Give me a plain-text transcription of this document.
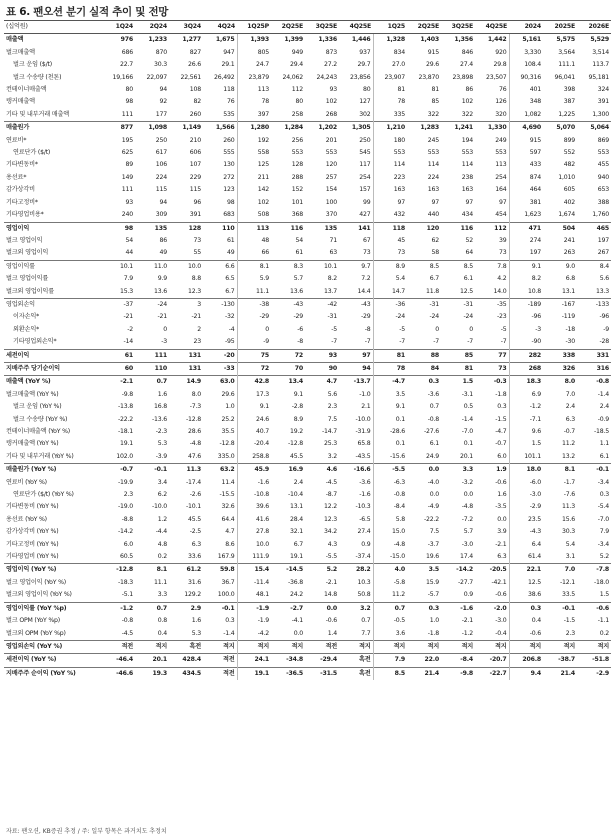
표 6. 팬오션 분기 실적 추이 및 전망
(십억원)	1Q24	2Q24	3Q24	4Q24	1Q25P	2Q25E	3Q25E	4Q25E	1Q25	2Q25E	3Q25E	4Q25E	2024	2025E	2026E
매출액	976	1,233	1,277	1,675	1,393	1,399	1,336	1,446	1,328	1,403	1,356	1,442	5,161	5,575	5,529
벌크매출액	686	870	827	947	805	949	873	937	834	915	846	920	3,330	3,564	3,514
벌크 운임 ($/t)	22.7	30.3	26.6	29.1	24.7	29.4	27.2	29.7	27.0	29.6	27.4	29.8	108.4	111.1	113.7
벌크 수송량 (천톤)	19,166	22,097	22,561	26,492	23,879	24,062	24,243	23,856	23,907	23,870	23,898	23,507	90,316	96,041	95,181
컨테이너매출액	80	94	108	118	113	112	93	80	81	81	86	76	401	398	324
탱커매출액	98	92	82	76	78	80	102	127	78	85	102	126	348	387	391
기타 및 내부거래 매출액	111	177	260	535	397	258	268	302	335	322	322	320	1,082	1,225	1,300
매출원가	877	1,098	1,149	1,566	1,280	1,284	1,202	1,305	1,210	1,283	1,241	1,330	4,690	5,070	5,064
연료비*	195	250	210	260	192	256	201	250	180	245	194	249	915	899	869
연료단가 ($/t)	625	617	606	555	558	553	553	545	553	553	553	553	597	552	553
기타변동비*	89	106	107	130	125	128	120	117	114	114	114	113	433	482	455
용선료*	149	224	229	272	211	288	257	254	223	224	238	254	874	1,010	940
감가상각비	111	115	115	123	142	152	154	157	163	163	163	164	464	605	653
기타고정비*	93	94	96	98	102	101	100	99	97	97	97	97	381	402	388
기타영업비용*	240	309	391	683	508	368	370	427	432	440	434	454	1,623	1,674	1,760
영업이익	98	135	128	110	113	116	135	141	118	120	116	112	471	504	465
벌크 영업이익	54	86	73	61	48	54	71	67	45	62	52	39	274	241	197
벌크외 영업이익	44	49	55	49	66	61	63	73	73	58	64	73	197	263	267
영업이익률	10.1	11.0	10.0	6.6	8.1	8.3	10.1	9.7	8.9	8.5	8.5	7.8	9.1	9.0	8.4
벌크 영업이익률	7.9	9.9	8.8	6.5	5.9	5.7	8.2	7.2	5.4	6.7	6.1	4.2	8.2	6.8	5.6
벌크외 영업이익률	15.3	13.6	12.3	6.7	11.1	13.6	13.7	14.4	14.7	11.8	12.5	14.0	10.8	13.1	13.3
영업외손익	-37	-24	3	-130	-38	-43	-42	-43	-36	-31	-31	-35	-189	-167	-133
이자손익*	-21	-21	-21	-32	-29	-29	-31	-29	-24	-24	-24	-23	-96	-119	-96
외환손익*	-2	0	2	-4	0	-6	-5	-8	-5	0	0	-5	-3	-18	-9
기타영업외손익*	-14	-3	23	-95	-9	-8	-7	-7	-7	-7	-7	-7	-90	-30	-28
세전이익	61	111	131	-20	75	72	93	97	81	88	85	77	282	338	331
지배주주 당기순이익	60	110	131	-33	72	70	90	94	78	84	81	73	268	326	316
매출액 (YoY %)	-2.1	0.7	14.9	63.0	42.8	13.4	4.7	-13.7	-4.7	0.3	1.5	-0.3	18.3	8.0	-0.8
벌크매출액 (YoY %)	-9.8	1.6	8.0	29.6	17.3	9.1	5.6	-1.0	3.5	-3.6	-3.1	-1.8	6.9	7.0	-1.4
벌크 운임 (YoY %)	-13.8	16.8	-7.3	1.0	9.1	-2.8	2.3	2.1	9.1	0.7	0.5	0.3	-1.2	2.4	2.4
벌크 수송량 (YoY %)	-22.2	-13.6	-12.8	25.2	24.6	8.9	7.5	-10.0	0.1	-0.8	-1.4	-1.5	-7.1	6.3	-0.9
컨테이너매출액 (YoY %)	-18.1	-2.3	28.6	35.5	40.7	19.2	-14.7	-31.9	-28.6	-27.6	-7.0	-4.7	9.6	-0.7	-18.5
탱커매출액 (YoY %)	19.1	5.3	-4.8	-12.8	-20.4	-12.8	25.3	65.8	0.1	6.1	0.1	-0.7	1.5	11.2	1.1
기타 및 내부거래 (YoY %)	102.0	-3.9	47.6	335.0	258.8	45.5	3.2	-43.5	-15.6	24.9	20.1	6.0	101.1	13.2	6.1
매출원가 (YoY %)	-0.7	-0.1	11.3	63.2	45.9	16.9	4.6	-16.6	-5.5	0.0	3.3	1.9	18.0	8.1	-0.1
연료비 (YoY %)	-19.9	3.4	-17.4	11.4	-1.6	2.4	-4.5	-3.6	-6.3	-4.0	-3.2	-0.6	-6.0	-1.7	-3.4
연료단가 ($/t) (YoY %)	2.3	6.2	-2.6	-15.5	-10.8	-10.4	-8.7	-1.6	-0.8	0.0	0.0	1.6	-3.0	-7.6	0.3
기타변동비 (YoY %)	-19.0	-10.0	-10.1	32.6	39.6	13.1	12.2	-10.3	-8.4	-4.9	-4.8	-3.5	-2.9	11.3	-5.4
용선료 (YoY %)	-8.8	1.2	45.5	64.4	41.6	28.4	12.3	-6.5	5.8	-22.2	-7.2	0.0	23.5	15.6	-7.0
감가상각비 (YoY %)	-14.2	-4.4	-2.5	4.7	27.8	32.1	34.2	27.4	15.0	7.5	5.7	3.9	-4.3	30.3	7.9
기타고정비 (YoY %)	6.0	4.8	6.3	8.6	10.0	6.7	4.3	0.9	-4.8	-3.7	-3.0	-2.1	6.4	5.4	-3.4
기타영업비 (YoY %)	60.5	0.2	33.6	167.9	111.9	19.1	-5.5	-37.4	-15.0	19.6	17.4	6.3	61.4	3.1	5.2
영업이익 (YoY %)	-12.8	8.1	61.2	59.8	15.4	-14.5	5.2	28.2	4.0	3.5	-14.2	-20.5	22.1	7.0	-7.8
벌크 영업이익 (YoY %)	-18.3	11.1	31.6	36.7	-11.4	-36.8	-2.1	10.3	-5.8	15.9	-27.7	-42.1	12.5	-12.1	-18.0
벌크외 영업이익 (YoY %)	-5.1	3.3	129.2	100.0	48.1	24.2	14.8	50.8	11.2	-5.7	0.9	-0.6	38.6	33.5	1.5
영업이익률 (YoY %p)	-1.2	0.7	2.9	-0.1	-1.9	-2.7	0.0	3.2	0.7	0.3	-1.6	-2.0	0.3	-0.1	-0.6
벌크 OPM (YoY %p)	-0.8	0.8	1.6	0.3	-1.9	-4.1	-0.6	0.7	-0.5	1.0	-2.1	-3.0	0.4	-1.5	-1.1
벌크외 OPM (YoY %p)	-4.5	0.4	5.3	-1.4	-4.2	0.0	1.4	7.7	3.6	-1.8	-1.2	-0.4	-0.6	2.3	0.2
영업외손익 (YoY %)	적전	적지	흑전	적지	적지	적지	적전	적지	적지	적지	적지	적지	적지	적지	적지
세전이익 (YoY %)	-46.4	20.1	428.4	적전	24.1	-34.8	-29.4	흑전	7.9	22.0	-8.4	-20.7	206.8	-38.7	-51.8
지배주주 순이익 (YoY %)	-46.6	19.3	434.5	적전	19.1	-36.5	-31.5	흑전	8.5	21.4	-9.8	-22.7	9.4	21.4	-2.9
자료: 팬오션, KB증권 추정 / 주: 일부 항목은 과거치도 추정치
